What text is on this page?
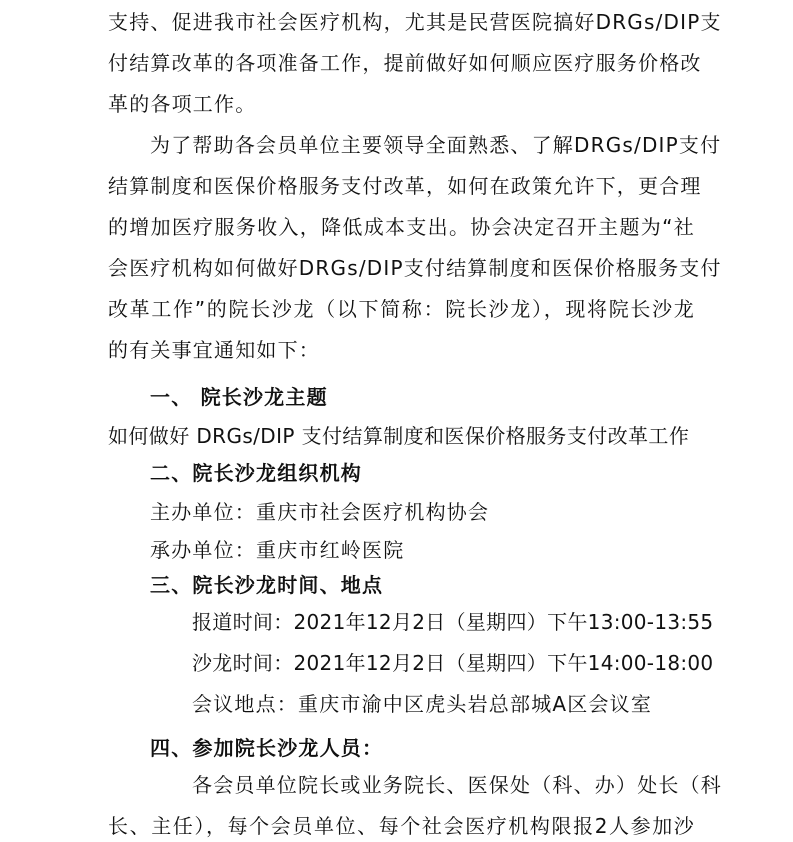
支持、促进我市社会医疗机构，尤其是民营医院搞好DRGs/DIP支
付结算改革的各项准备工作，提前做好如何顺应医疗服务价格改
革的各项工作。
为了帮助各会员单位主要领导全面熟悉、了解DRGs/DIP支付
结算制度和医保价格服务支付改革，如何在政策允许下，更合理
的增加医疗服务收入，降低成本支出。协会决定召开主题为“社
会医疗机构如何做好DRGs/DIP支付结算制度和医保价格服务支付
改革工作”的院长沙龙（以下简称：院长沙龙），现将院长沙龙
的有关事宜通知如下：
一、 院长沙龙主题
如何做好 DRGs/DIP 支付结算制度和医保价格服务支付改革工作
二、院长沙龙组织机构
主办单位：重庆市社会医疗机构协会
承办单位：重庆市红岭医院
三、院长沙龙时间、地点
报道时间：2021年12月2日（星期四）下午13:00-13:55
沙龙时间：2021年12月2日（星期四）下午14:00-18:00
会议地点：重庆市渝中区虎头岩总部城A区会议室
四、参加院长沙龙人员：
各会员单位院长或业务院长、医保处（科、办）处长（科
长、主任），每个会员单位、每个社会医疗机构限报2人参加沙
